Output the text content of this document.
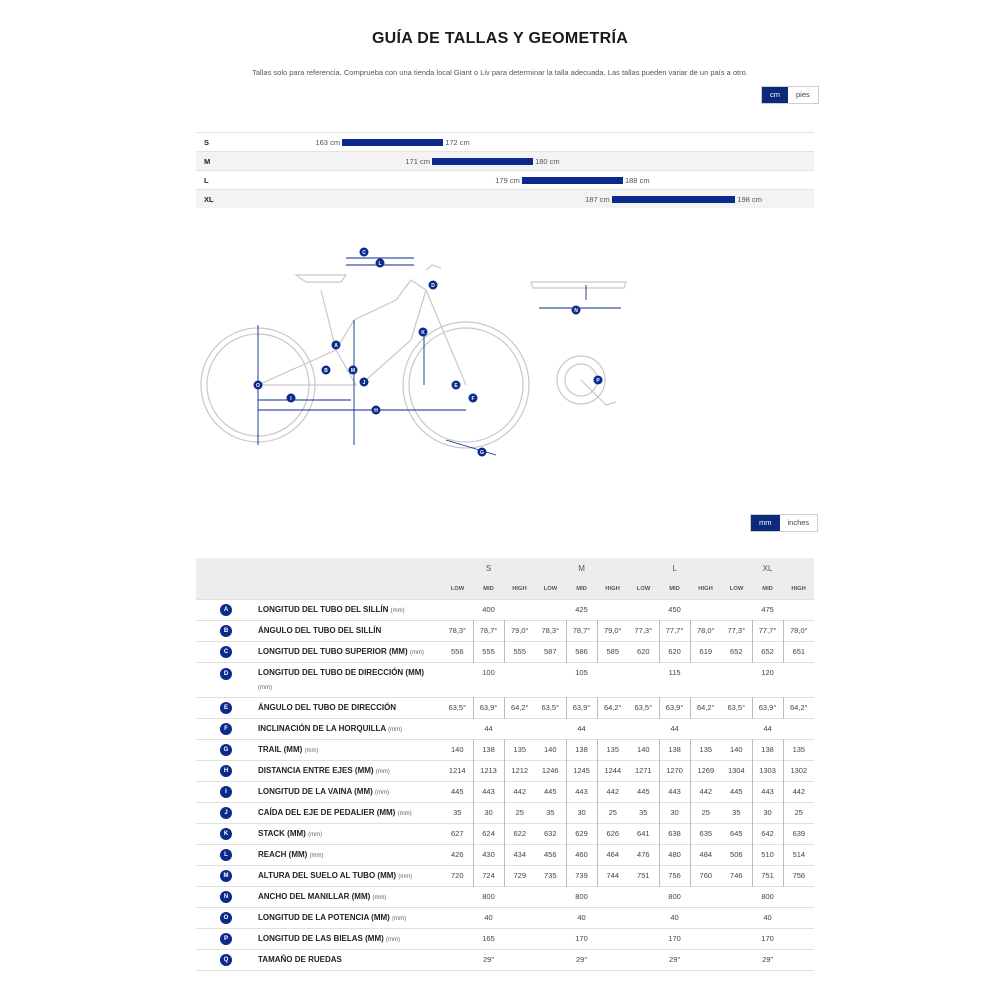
GUÍA DE TALLAS Y GEOMETRÍA
Tallas solo para referencia. Comprueba con una tienda local Giant o Liv para determinar la talla adecuada. Las tallas pueden variar de un país a otro.
cm	pies
S	163 cm	172 cm
M	171 cm	180 cm
L	179 cm	188 cm
XL	187 cm	198 cm
A
B
C
D
E
F
G
H
I
J
K
L
M
N
O
P
mm	inches
		S			M			L			XL		
		LOW	MID	HIGH	LOW	MID	HIGH	LOW	MID	HIGH	LOW	MID	HIGH
A	LONGITUD DEL TUBO DEL SILLÍN (mm)	400			425			450			475		
B	ÁNGULO DEL TUBO DEL SILLÍN	78,3°	78,7°	79,0°	78,3°	78,7°	79,0°	77,3°	77,7°	78,0°	77,3°	77,7°	78,0°
C	LONGITUD DEL TUBO SUPERIOR (MM) (mm)	556	555	555	587	586	585	620	620	619	652	652	651
D	LONGITUD DEL TUBO DE DIRECCIÓN (MM) (mm)	100			105			115			120		
E	ÁNGULO DEL TUBO DE DIRECCIÓN	63,5°	63,9°	64,2°	63,5°	63,9°	64,2°	63,5°	63,9°	64,2°	63,5°	63,9°	64,2°
F	INCLINACIÓN DE LA HORQUILLA (mm)	44			44			44			44		
G	TRAIL (MM) (mm)	140	138	135	140	138	135	140	138	135	140	138	135
H	DISTANCIA ENTRE EJES (MM) (mm)	1214	1213	1212	1246	1245	1244	1271	1270	1269	1304	1303	1302
I	LONGITUD DE LA VAINA (MM) (mm)	445	443	442	445	443	442	445	443	442	445	443	442
J	CAÍDA DEL EJE DE PEDALIER (MM) (mm)	35	30	25	35	30	25	35	30	25	35	30	25
K	STACK (MM) (mm)	627	624	622	632	629	626	641	638	635	645	642	639
L	REACH (MM) (mm)	426	430	434	456	460	464	476	480	484	506	510	514
M	ALTURA DEL SUELO AL TUBO (MM) (mm)	720	724	729	735	739	744	751	756	760	746	751	756
N	ANCHO DEL MANILLAR (MM) (mm)	800			800			800			800		
O	LONGITUD DE LA POTENCIA (MM) (mm)	40			40			40			40		
P	LONGITUD DE LAS BIELAS (MM) (mm)	165			170			170			170		
Q	TAMAÑO DE RUEDAS	29"			29"			29"			29"		
